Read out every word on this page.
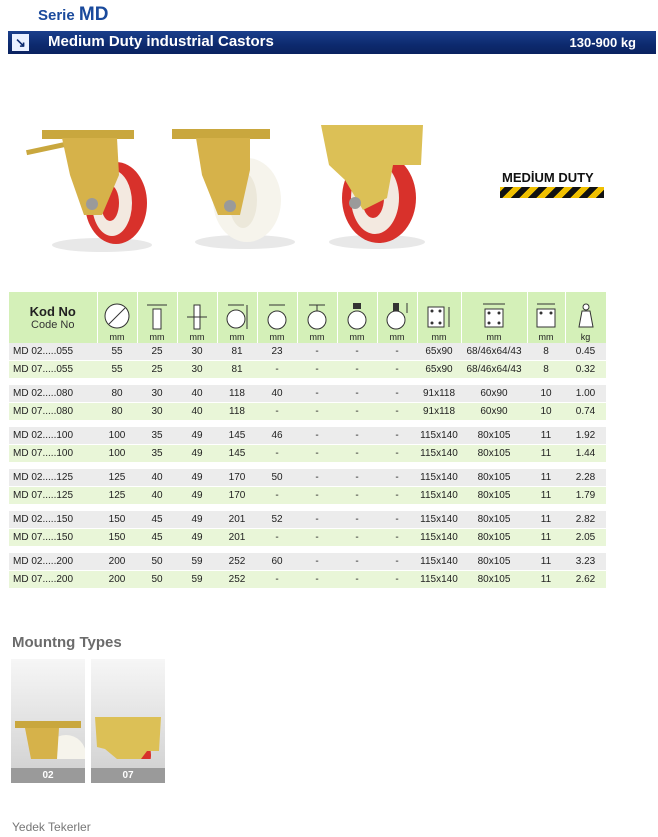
Serie MD
↘ Medium Duty industrial Castors	130-900 kg
MEDİUM DUTY
Kod No
Code No	mm	mm	mm	mm	mm	mm	mm	mm	mm	mm	mm	kg
MD 02.....055	55	25	30	81	23	-	-	-	65x90	68/46x64/43	8	0.45
MD 07.....055	55	25	30	81	-	-	-	-	65x90	68/46x64/43	8	0.32

MD 02.....080	80	30	40	118	40	-	-	-	91x118	60x90	10	1.00
MD 07.....080	80	30	40	118	-	-	-	-	91x118	60x90	10	0.74

MD 02.....100	100	35	49	145	46	-	-	-	115x140	80x105	11	1.92
MD 07.....100	100	35	49	145	-	-	-	-	115x140	80x105	11	1.44

MD 02.....125	125	40	49	170	50	-	-	-	115x140	80x105	11	2.28
MD 07.....125	125	40	49	170	-	-	-	-	115x140	80x105	11	1.79

MD 02.....150	150	45	49	201	52	-	-	-	115x140	80x105	11	2.82
MD 07.....150	150	45	49	201	-	-	-	-	115x140	80x105	11	2.05

MD 02.....200	200	50	59	252	60	-	-	-	115x140	80x105	11	3.23
MD 07.....200	200	50	59	252	-	-	-	-	115x140	80x105	11	2.62
Mountng Types
02	07
Yedek Tekerler
